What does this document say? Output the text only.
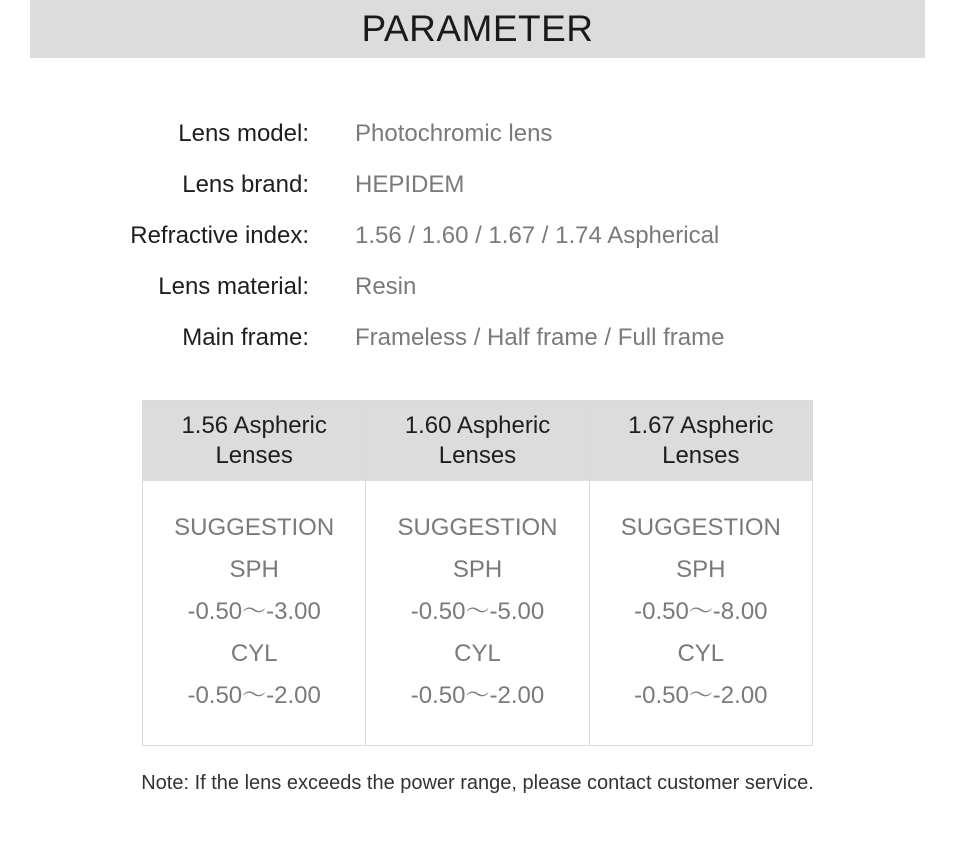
PARAMETER
Lens model: Photochromic lens
Lens brand: HEPIDEM
Refractive index: 1.56 / 1.60 / 1.67 / 1.74 Aspherical
Lens material: Resin
Main frame: Frameless / Half frame / Full frame
1.56 Aspheric
Lenses
SUGGESTION
SPH
-0.50～-3.00
CYL
-0.50～-2.00
1.60 Aspheric
Lenses
SUGGESTION
SPH
-0.50～-5.00
CYL
-0.50～-2.00
1.67 Aspheric
Lenses
SUGGESTION
SPH
-0.50～-8.00
CYL
-0.50～-2.00
Note: If the lens exceeds the power range, please contact customer service.
